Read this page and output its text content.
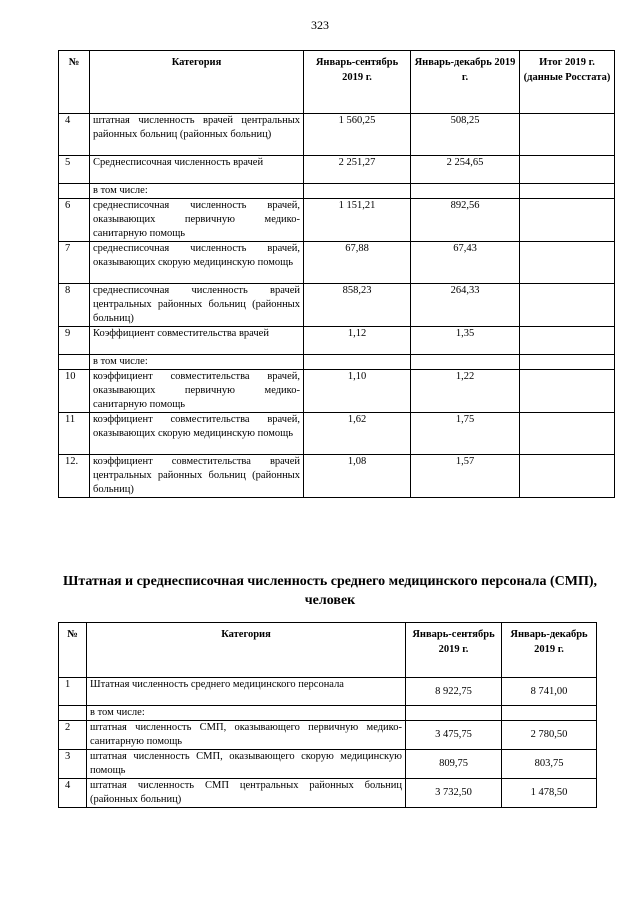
323
№	Категория	Январь-сентябрь 2019 г.	Январь-декабрь 2019 г.	Итог 2019 г. (данные Росстата)
4	штатная численность врачей центральных районных больниц (районных больниц)	1 560,25	508,25	
5	Среднесписочная численность врачей	2 251,27	2 254,65	
	в том числе:			
6	среднесписочная численность врачей, оказывающих первичную медико-санитарную помощь	1 151,21	892,56	
7	среднесписочная численность врачей, оказывающих скорую медицинскую помощь	67,88	67,43	
8	среднесписочная численность врачей центральных районных больниц (районных больниц)	858,23	264,33	
9	Коэффициент совместительства врачей	1,12	1,35	
	в том числе:			
10	коэффициент совместительства врачей, оказывающих первичную медико-санитарную помощь	1,10	1,22	
11	коэффициент совместительства врачей, оказывающих скорую медицинскую помощь	1,62	1,75	
12.	коэффициент совместительства врачей центральных районных больниц (районных больниц)	1,08	1,57	
Штатная и среднесписочная численность среднего медицинского персонала (СМП), человек
№	Категория	Январь-сентябрь 2019 г.	Январь-декабрь 2019 г.
1	Штатная численность среднего медицинского персонала	8 922,75	8 741,00
	в том числе:		
2	штатная численность СМП, оказывающего первичную медико-санитарную помощь	3 475,75	2 780,50
3	штатная численность СМП, оказывающего скорую медицинскую помощь	809,75	803,75
4	штатная численность СМП центральных районных больниц (районных больниц)	3 732,50	1 478,50
